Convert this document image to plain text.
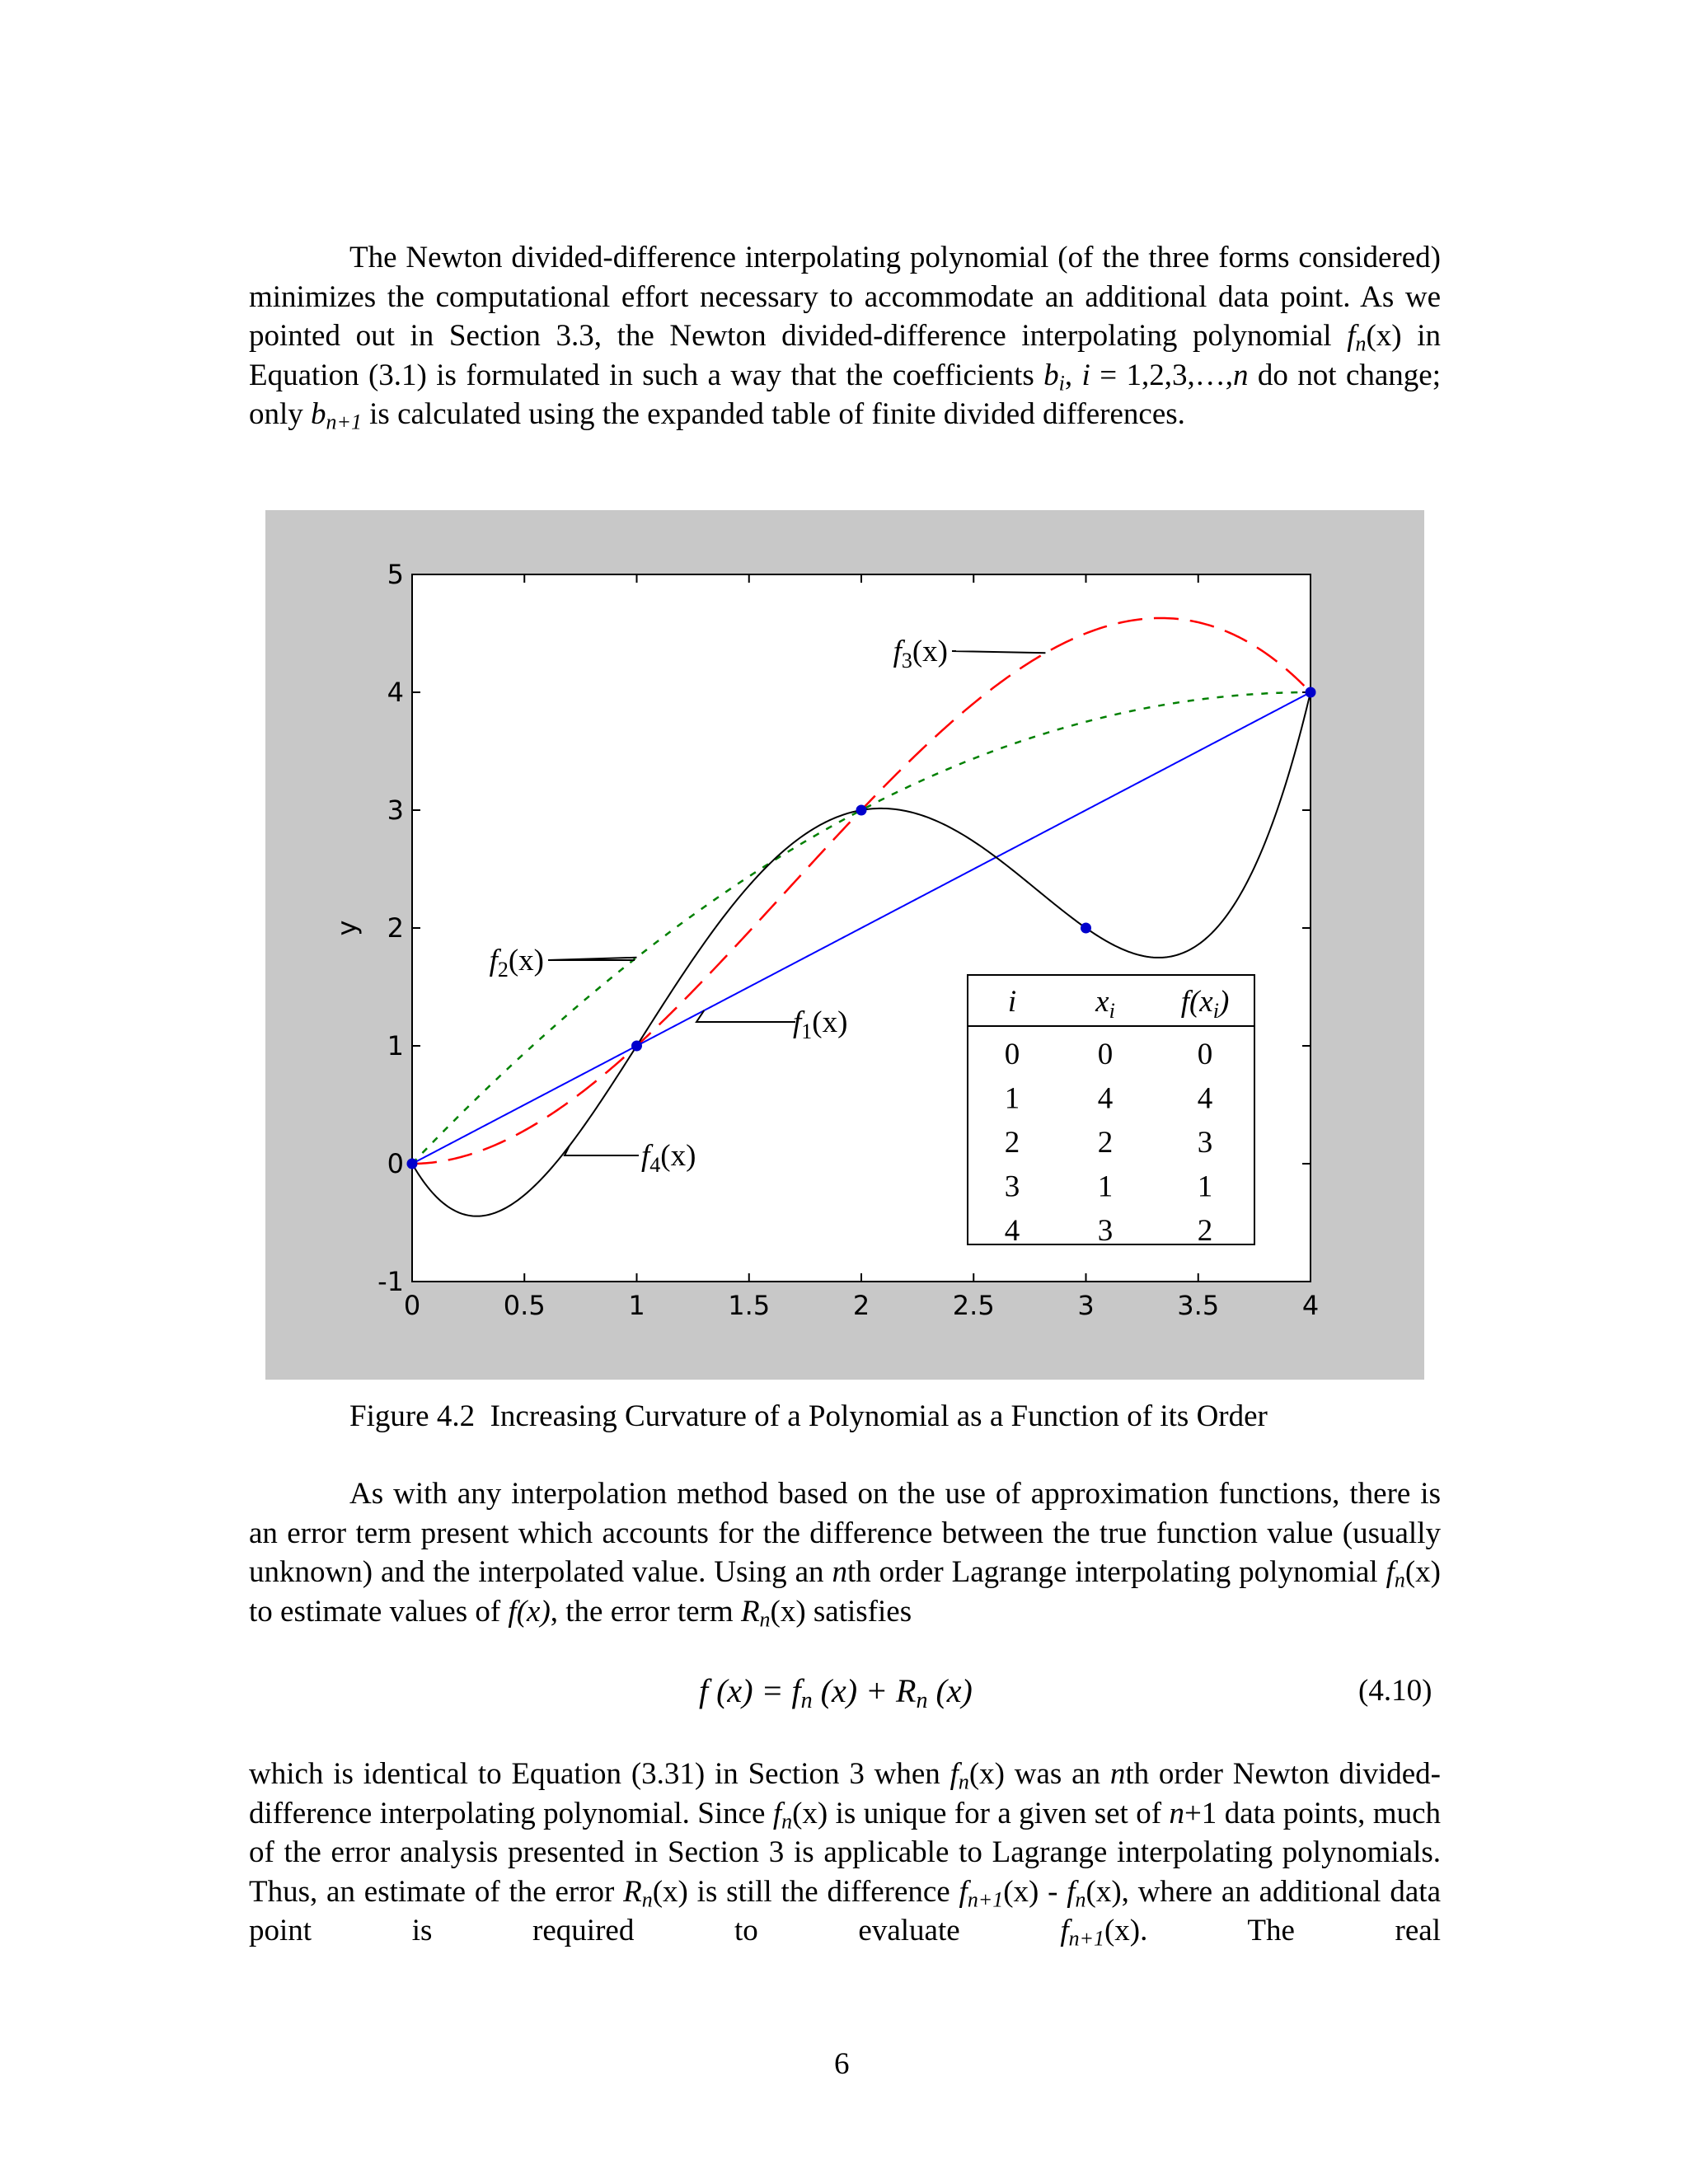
The Newton divided-difference interpolating polynomial (of the three forms considered) minimizes the computational effort necessary to accommodate an additional data point. As we pointed out in Section 3.3, the Newton divided-difference interpolating polynomial $f_n(x)$ in Equation (3.1) is formulated in such a way that the coefficients $b_i$, i = 1,2,3,…,n do not change; only $b_{n+1}$ is calculated using the expanded table of finite divided differences.

0	0.5	1	1.5	2	2.5	3	3.5	4
-1
0
1
2
3
4
5
y
$f_1(x)$
$f_2(x)$
$f_3(x)$
$f_4(x)$
i	$x_i$ $f(x_i)$
0	0	0
1	4	4
2	2	3
3	1	1
4	3	2
Figure 4.2  Increasing Curvature of a Polynomial as a Function of its Order

As with any interpolation method based on the use of approximation functions, there is an error term present which accounts for the difference between the true function value (usually unknown) and the interpolated value. Using an nth order Lagrange interpolating polynomial $f_n(x)$ to estimate values of f(x), the error term $R_n(x)$ satisfies

f $(x) = f_n$ $(x) + R_n$ (x)	(4.10)

which is identical to Equation (3.31) in Section 3 when $f_n(x)$ was an nth order Newton divided-difference interpolating polynomial. Since $f_n(x)$ is unique for a given set of n+1 data points, much of the error analysis presented in Section 3 is applicable to Lagrange interpolating polynomials. Thus, an estimate of the error $R_n(x)$ is still the difference $f_{n+1}(x) - f_n(x)$, where an additional data point is required to evaluate $f_{n+1}(x)$. The real

6
